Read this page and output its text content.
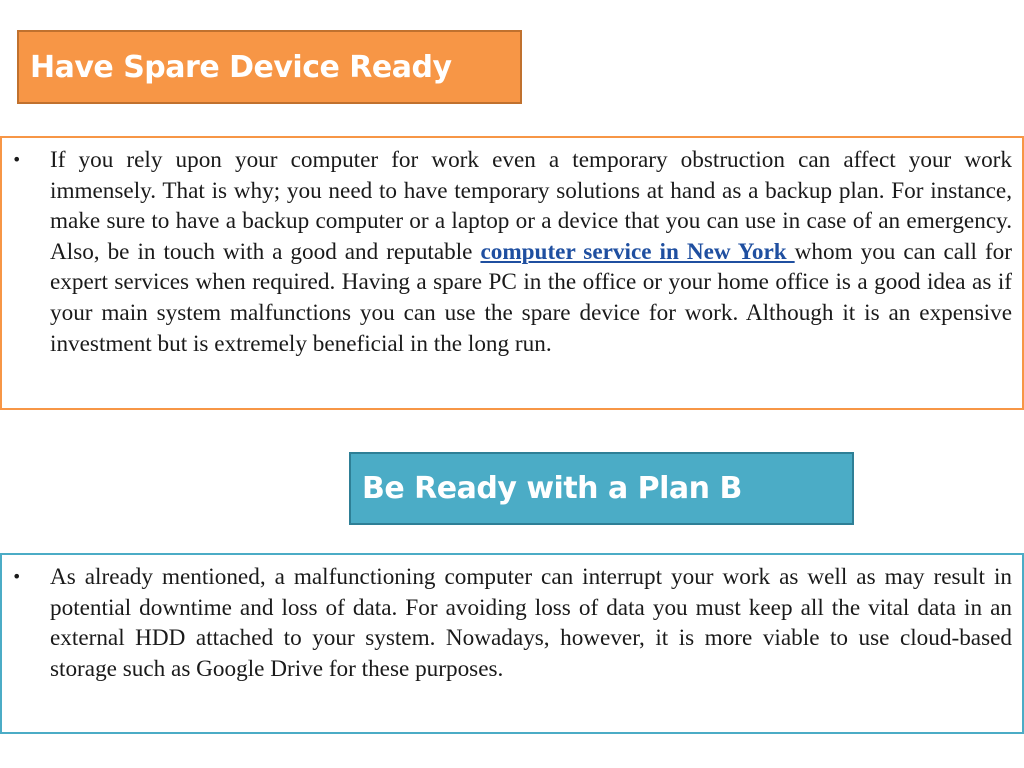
Have Spare Device Ready
• If you rely upon your computer for work even a temporary obstruction can affect your work immensely. That is why; you need to have temporary solutions at hand as a backup plan. For instance, make sure to have a backup computer or a laptop or a device that you can use in case of an emergency. Also, be in touch with a good and reputable computer service in New York whom you can call for expert services when required. Having a spare PC in the office or your home office is a good idea as if your main system malfunctions you can use the spare device for work. Although it is an expensive investment but is extremely beneficial in the long run.
Be Ready with a Plan B
• As already mentioned, a malfunctioning computer can interrupt your work as well as may result in potential downtime and loss of data. For avoiding loss of data you must keep all the vital data in an external HDD attached to your system. Nowadays, however, it is more viable to use cloud-based storage such as Google Drive for these purposes.
